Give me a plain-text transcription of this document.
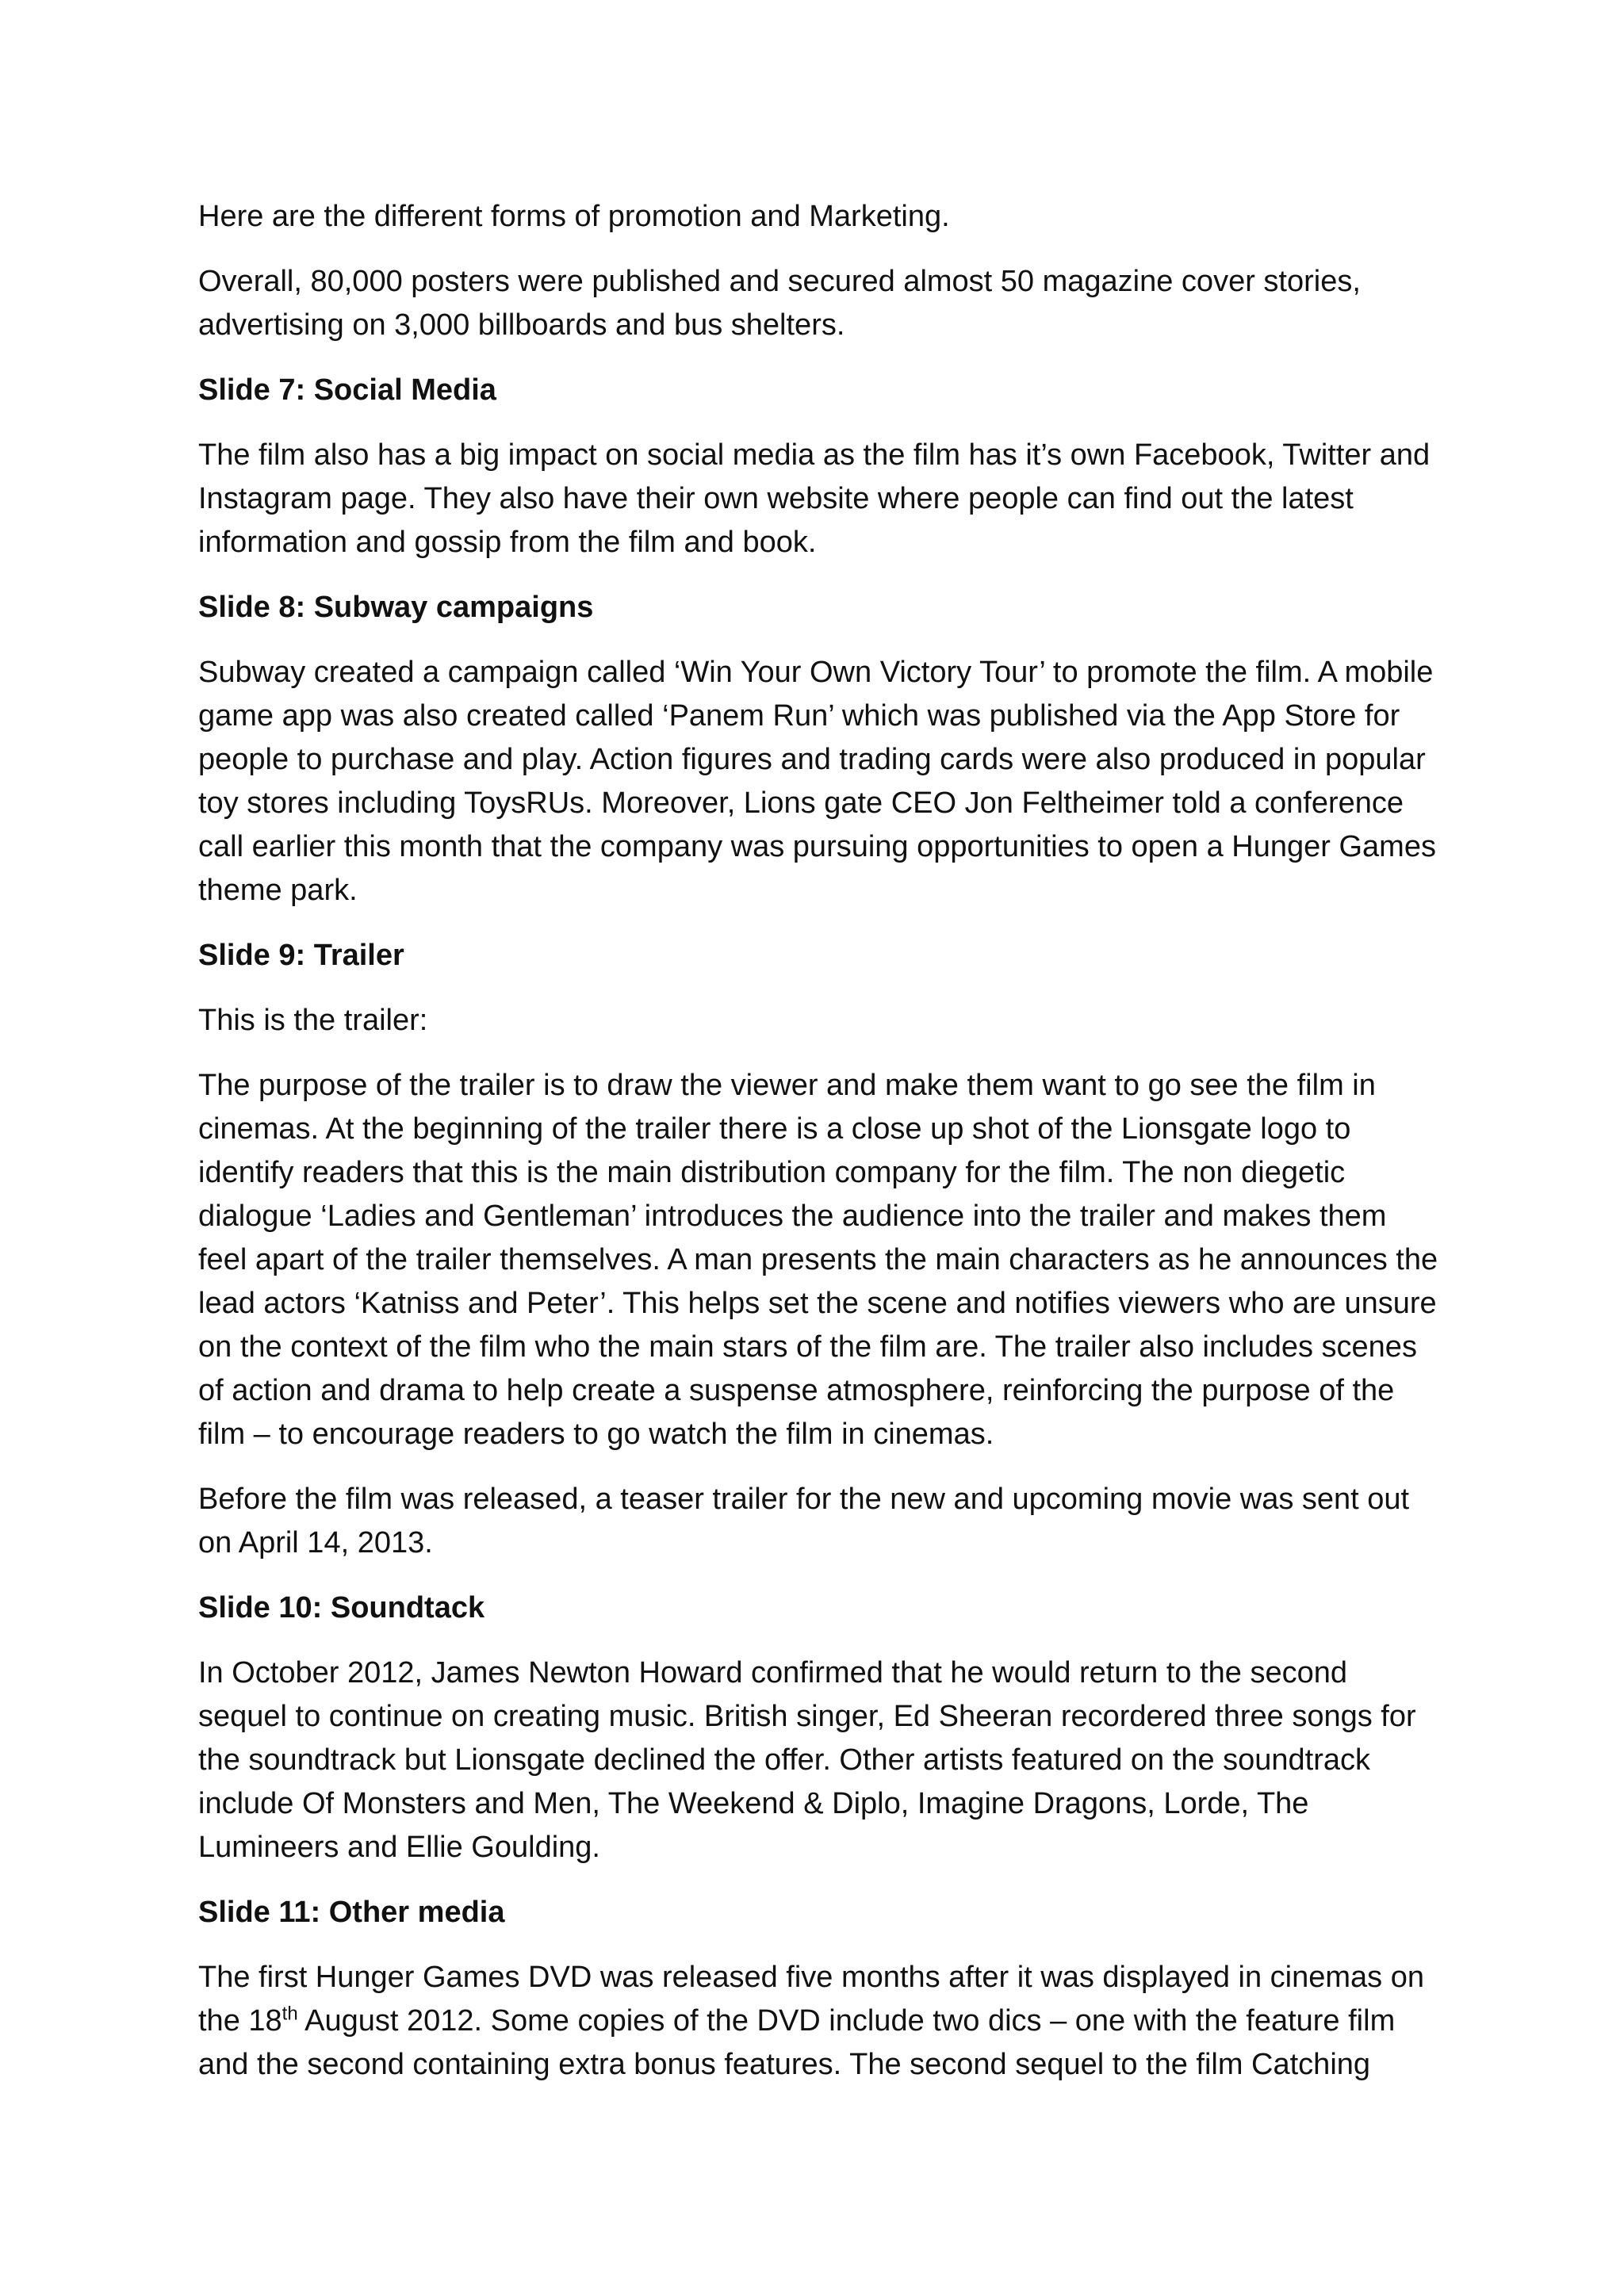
Here are the different forms of promotion and Marketing.

Overall, 80,000 posters were published and secured almost 50 magazine cover stories, advertising on 3,000 billboards and bus shelters.

Slide 7: Social Media

The film also has a big impact on social media as the film has it’s own Facebook, Twitter and Instagram page. They also have their own website where people can find out the latest information and gossip from the film and book.

Slide 8: Subway campaigns

Subway created a campaign called ‘Win Your Own Victory Tour’ to promote the film. A mobile game app was also created called ‘Panem Run’ which was published via the App Store for people to purchase and play. Action figures and trading cards were also produced in popular toy stores including ToysRUs. Moreover, Lions gate CEO Jon Feltheimer told a conference call earlier this month that the company was pursuing opportunities to open a Hunger Games theme park.

Slide 9: Trailer

This is the trailer:

The purpose of the trailer is to draw the viewer and make them want to go see the film in cinemas. At the beginning of the trailer there is a close up shot of the Lionsgate logo to identify readers that this is the main distribution company for the film. The non diegetic dialogue ‘Ladies and Gentleman’ introduces the audience into the trailer and makes them feel apart of the trailer themselves. A man presents the main characters as he announces the lead actors ‘Katniss and Peter’. This helps set the scene and notifies viewers who are unsure on the context of the film who the main stars of the film are. The trailer also includes scenes of action and drama to help create a suspense atmosphere, reinforcing the purpose of the film – to encourage readers to go watch the film in cinemas.

Before the film was released, a teaser trailer for the new and upcoming movie was sent out on April 14, 2013.

Slide 10: Soundtack

In October 2012, James Newton Howard confirmed that he would return to the second sequel to continue on creating music. British singer, Ed Sheeran recordered three songs for the soundtrack but Lionsgate declined the offer. Other artists featured on the soundtrack include Of Monsters and Men, The Weekend & Diplo, Imagine Dragons, Lorde, The Lumineers and Ellie Goulding.

Slide 11: Other media

The first Hunger Games DVD was released five months after it was displayed in cinemas on the 18th August 2012. Some copies of the DVD include two dics – one with the feature film and the second containing extra bonus features. The second sequel to the film Catching
